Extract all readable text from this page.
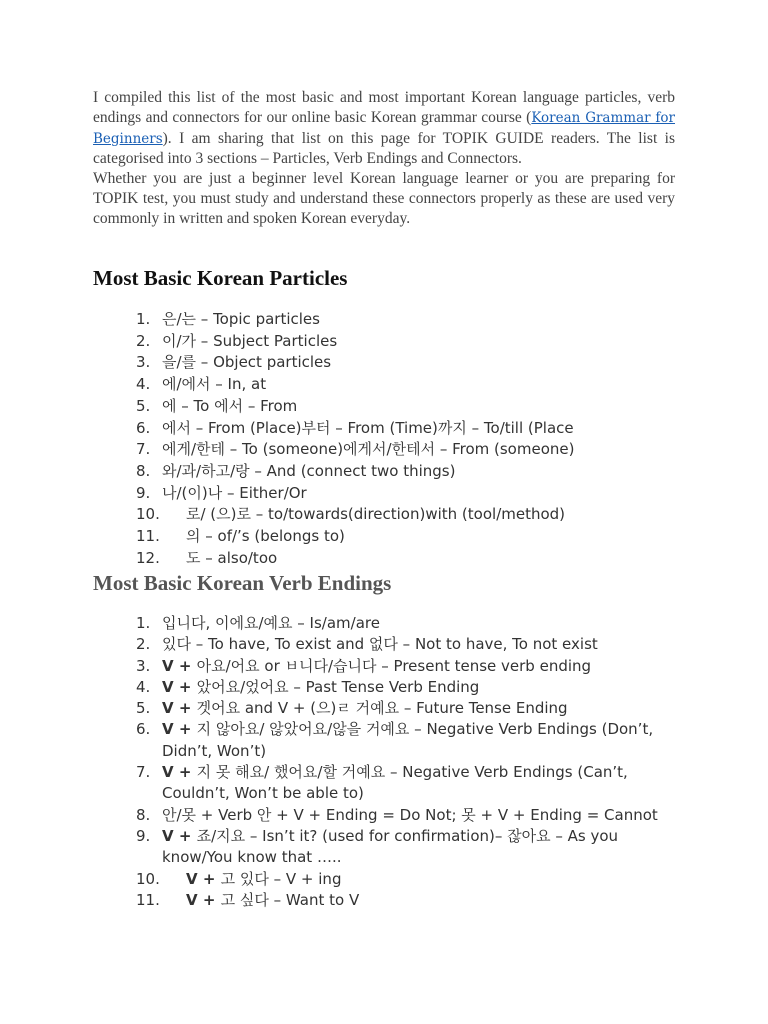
I compiled this list of the most basic and most important Korean language particles, verb endings and connectors for our online basic Korean grammar course (Korean Grammar for Beginners). I am sharing that list on this page for TOPIK GUIDE readers. The list is categorised into 3 sections – Particles, Verb Endings and Connectors.

Whether you are just a beginner level Korean language learner or you are preparing for TOPIK test, you must study and understand these connectors properly as these are used very commonly in written and spoken Korean everyday.

Most Basic Korean Particles
1. 은/는 – Topic particles
2. 이/가 – Subject Particles
3. 을/를 – Object particles
4. 에/에서 – In, at
5. 에 – To 에서 – From
6. 에서 – From (Place)부터 – From (Time)까지 – To/till (Place
7. 에게/한테 – To (someone)에게서/한테서 – From (someone)
8. 와/과/하고/랑 – And (connect two things)
9. 나/(이)나 – Either/Or
10. 로/ (으)로 – to/towards(direction)with (tool/method)
11. 의 – of/’s (belongs to)
12. 도 – also/too
Most Basic Korean Verb Endings
1. 입니다, 이에요/예요 – Is/am/are
2. 있다 – To have, To exist and 없다 – Not to have, To not exist
3. V + 아요/어요 or ㅂ니다/습니다 – Present tense verb ending
4. V + 았어요/었어요 – Past Tense Verb Ending
5. V + 겟어요 and V + (으)ㄹ 거예요 – Future Tense Ending
6. V + 지 않아요/ 않았어요/않을 거예요 – Negative Verb Endings (Don’t, Didn’t, Won’t)
7. V + 지 못 해요/ 했어요/할 거예요 – Negative Verb Endings (Can’t, Couldn’t, Won’t be able to)
8. 안/못 + Verb 안 + V + Ending = Do Not; 못 + V + Ending = Cannot
9. V + 죠/지요 – Isn’t it? (used for confirmation)– 잖아요 – As you know/You know that …..
10. V + 고 있다 – V + ing
11. V + 고 싶다 – Want to V
